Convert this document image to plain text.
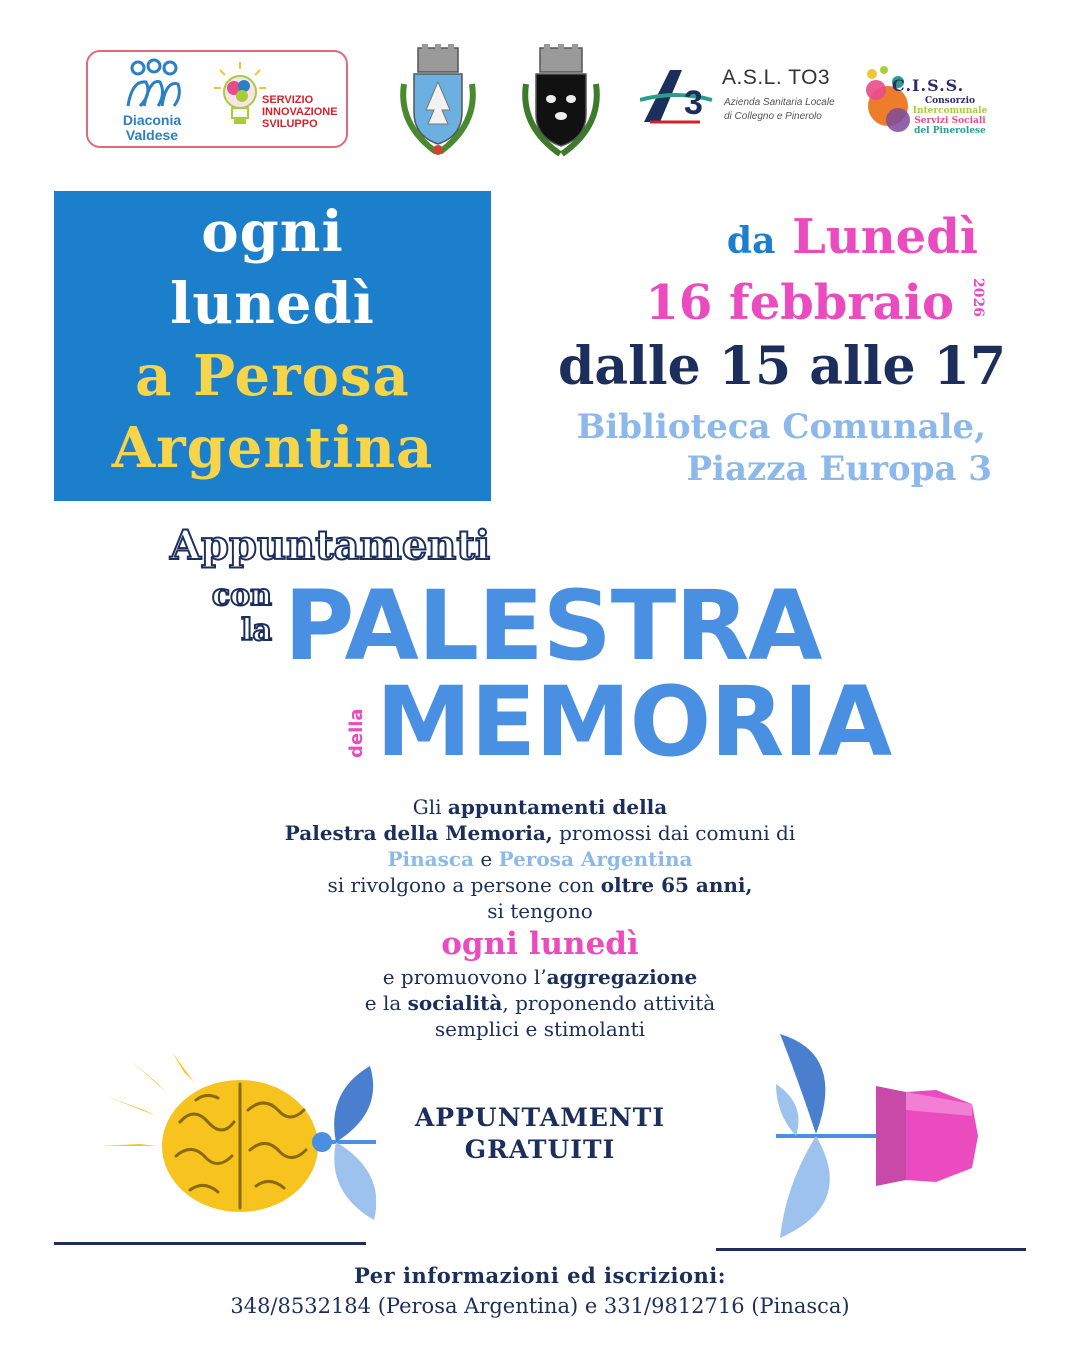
Diaconia
Valdese
SERVIZIO
INNOVAZIONE
SVILUPPO
3
A.S.L. TO3
Azienda Sanitaria Locale
di Collegno e Pinerolo
C.I.S.S.
Consorzio
Intercomunale
Servizi Sociali
del Pinerolese
ogni
lunedì
a Perosa
Argentina
da Lunedì
16 febbraio	2026
dalle 15 alle 17
Biblioteca Comunale,
Piazza Europa 3
Appuntamenti
con
la PALESTRA
della MEMORIA
Gli appuntamenti della
Palestra della Memoria, promossi dai comuni di
Pinasca e Perosa Argentina
si rivolgono a persone con oltre 65 anni,
si tengono
ogni lunedì
e promuovono l’aggregazione
e la socialità, proponendo attività
semplici e stimolanti
APPUNTAMENTI
GRATUITI
Per informazioni ed iscrizioni:
348/8532184 (Perosa Argentina) e 331/9812716 (Pinasca)
